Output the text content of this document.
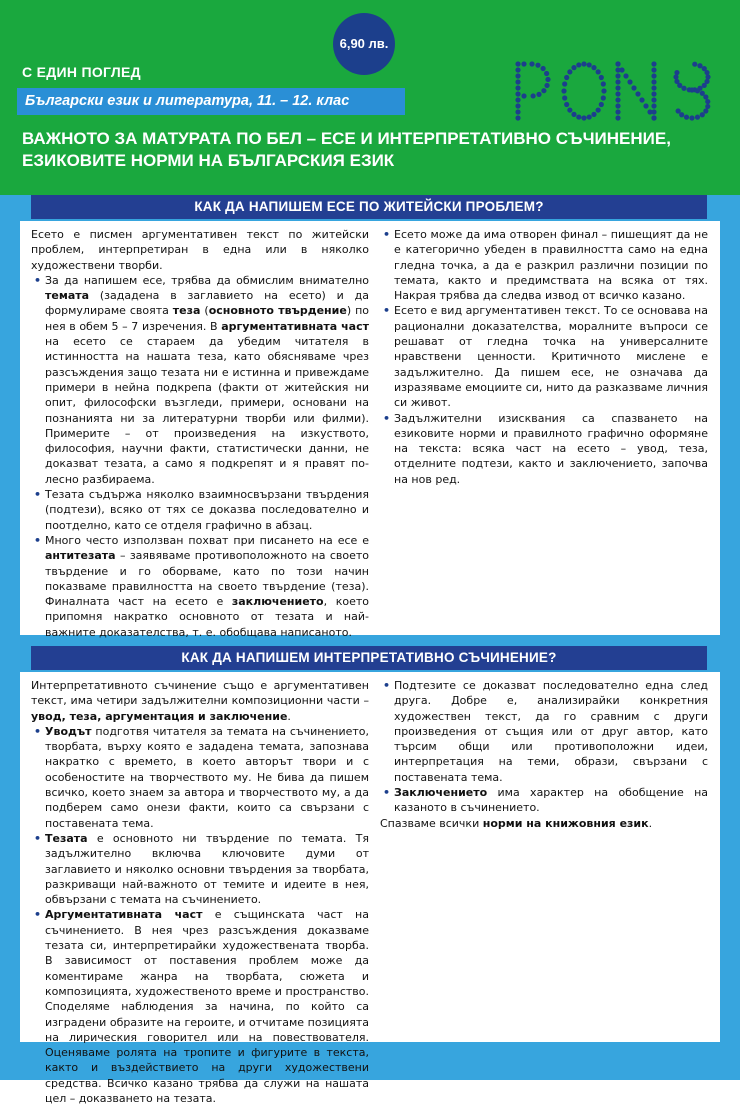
С ЕДИН ПОГЛЕД
Български език и литература, 11. – 12. клас
6,90 лв.
ВАЖНОТО ЗА МАТУРАТА ПО БЕЛ – ЕСЕ И ИНТЕРПРЕТАТИВНО СЪЧИНЕНИЕ,
ЕЗИКОВИТЕ НОРМИ НА БЪЛГАРСКИЯ ЕЗИК
КАК ДА НАПИШЕМ ЕСЕ ПО ЖИТЕЙСКИ ПРОБЛЕМ?

Есето е писмен аргументативен текст по житейски проблем, интерпретиран в една или в няколко художествени творби.

• За да напишем есе, трябва да обмислим внимателно темата (зададена в заглавието на есето) и да формулираме своята теза (основното твърдение) по нея в обем 5 – 7 изречения. В аргументативната част на есето се стараем да убедим читателя в истинността на нашата теза, като обясняваме чрез разсъждения защо тезата ни е истинна и привеждаме примери в нейна подкрепа (факти от житейския ни опит, философски възгледи, примери, основани на познанията ни за литературни творби или филми). Примерите – от произведения на изкуството, философия, научни факти, статистически данни, не доказват тезата, а само я подкрепят и я правят по-лесно разбираема.
• Тезата съдържа няколко взаимносвързани твърдения (подтези), всяко от тях се доказва последователно и поотделно, като се отделя графично в абзац.
• Много често използван похват при писането на есе е антитезата – заявяваме противоположното на своето твърдение и го оборваме, като по този начин показваме правилността на своето твърдение (теза). Финалната част на есето е заключението, което припомня накратко основното от тезата и най-важните доказателства, т. е. обобщава написаното.
• Есето може да има отворен финал – пишещият да не е категорично убеден в правилността само на една гледна точка, а да е разкрил различни позиции по темата, както и предимствата на всяка от тях. Накрая трябва да следва извод от всичко казано.
• Есето е вид аргументативен текст. То се основава на рационални доказателства, моралните въпроси се решават от гледна точка на универсалните нравствени ценности. Критичното мислене е задължително. Да пишем есе, не означава да изразяваме емоциите си, нито да разказваме личния си живот.
• Задължителни изисквания са спазването на езиковите норми и правилното графично оформяне на текста: всяка част на есето – увод, теза, отделните подтези, както и заключението, започва на нов ред.
КАК ДА НАПИШЕМ ИНТЕРПРЕТАТИВНО СЪЧИНЕНИЕ?

Интерпретативното съчинение също е аргументативен текст, има четири задължителни композиционни части – увод, теза, аргументация и заключение.

• Уводът подготвя читателя за темата на съчинението, творбата, върху която е зададена темата, запознава накратко с времето, в което авторът твори и с особеностите на творчеството му. Не бива да пишем всичко, което знаем за автора и творчеството му, а да подберем само онези факти, които са свързани с поставената тема.
• Тезата е основното ни твърдение по темата. Тя задължително включва ключовите думи от заглавието и няколко основни твърдения за творбата, разкриващи най-важното от темите и идеите в нея, обвързани с темата на съчинението.
• Аргументативната част е същинската част на съчинението. В нея чрез разсъждения доказваме тезата си, интерпретирайки художествената творба. В зависимост от поставения проблем може да коментираме жанра на творбата, сюжета и композицията, художественото време и пространство. Споделяме наблюдения за начина, по който са изградени образите на героите, и отчитаме позицията на лирическия говорител или на повествователя. Оценяваме ролята на тропите и фигурите в текста, както и въздействието на други художествени средства. Всичко казано трябва да служи на нашата цел – доказването на тезата.
• Подтезите се доказват последователно една след друга. Добре е, анализирайки конкретния художествен текст, да го сравним с други произведения от същия или от друг автор, като търсим общи или противоположни идеи, интерпретация на теми, образи, свързани с поставената тема.
• Заключението има характер на обобщение на казаното в съчинението.

Спазваме всички норми на книжовния език.
